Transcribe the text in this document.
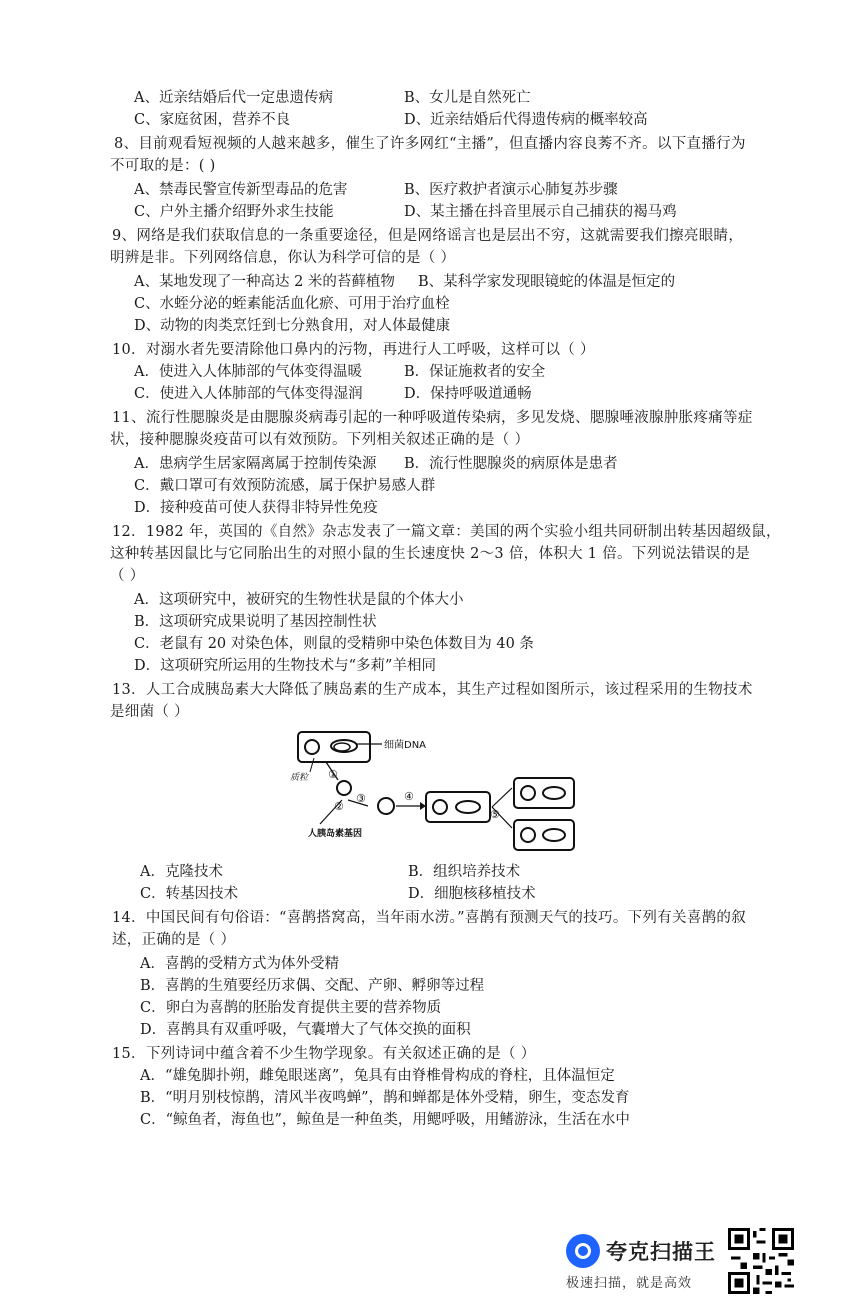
A、近亲结婚后代一定患遗传病	B、女儿是自然死亡
C、家庭贫困，营养不良	D、近亲结婚后代得遗传病的概率较高
8、目前观看短视频的人越来越多，催生了许多网红“主播”，但直播内容良莠不齐。以下直播行为
不可取的是：( )
A、禁毒民警宣传新型毒品的危害	B、医疗救护者演示心肺复苏步骤
C、户外主播介绍野外求生技能	D、某主播在抖音里展示自己捕获的褐马鸡
9、网络是我们获取信息的一条重要途径，但是网络谣言也是层出不穷，这就需要我们擦亮眼睛，
明辨是非。下列网络信息，你认为科学可信的是（ ）
A、某地发现了一种高达 2 米的苔藓植物 B、某科学家发现眼镜蛇的体温是恒定的
C、水蛭分泌的蛭素能活血化瘀、可用于治疗血栓
D、动物的肉类烹饪到七分熟食用，对人体最健康
10．对溺水者先要清除他口鼻内的污物，再进行人工呼吸，这样可以（ ）
A．使进入人体肺部的气体变得温暖	B．保证施救者的安全
C．使进入人体肺部的气体变得湿润	D．保持呼吸道通畅
11、流行性腮腺炎是由腮腺炎病毒引起的一种呼吸道传染病，多见发烧、腮腺唾液腺肿胀疼痛等症
状，接种腮腺炎疫苗可以有效预防。下列相关叙述正确的是（ ）
A．患病学生居家隔离属于控制传染源 B．流行性腮腺炎的病原体是患者
C．戴口罩可有效预防流感，属于保护易感人群
D．接种疫苗可使人获得非特异性免疫
12．1982 年，英国的《自然》杂志发表了一篇文章：美国的两个实验小组共同研制出转基因超级鼠，
这种转基因鼠比与它同胎出生的对照小鼠的生长速度快 2～3 倍，体积大 1 倍。下列说法错误的是
（ ）
A．这项研究中，被研究的生物性状是鼠的个体大小
B．这项研究成果说明了基因控制性状
C．老鼠有 20 对染色体，则鼠的受精卵中染色体数目为 40 条
D．这项研究所运用的生物技术与“多莉”羊相同
13．人工合成胰岛素大大降低了胰岛素的生产成本，其生产过程如图所示，该过程采用的生物技术
是细菌（ ）
细菌DNA
质粒 ①
②
人胰岛素基因
③	④
⑤
A．克隆技术	B．组织培养技术
C．转基因技术	D．细胞核移植技术
14．中国民间有句俗语：“喜鹊搭窝高，当年雨水涝。”喜鹊有预测天气的技巧。下列有关喜鹊的叙
述，正确的是（ ）
A．喜鹊的受精方式为体外受精
B．喜鹊的生殖要经历求偶、交配、产卵、孵卵等过程
C．卵白为喜鹊的胚胎发育提供主要的营养物质
D．喜鹊具有双重呼吸，气囊增大了气体交换的面积
15．下列诗词中蕴含着不少生物学现象。有关叙述正确的是（ ）
A．“雄兔脚扑朔，雌兔眼迷离”，兔具有由脊椎骨构成的脊柱，且体温恒定
B．“明月别枝惊鹊，清风半夜鸣蝉”，鹊和蝉都是体外受精，卵生，变态发育
C．“鲸鱼者，海鱼也”，鲸鱼是一种鱼类，用鳃呼吸，用鳍游泳，生活在水中
夸克扫描王
极速扫描，就是高效
